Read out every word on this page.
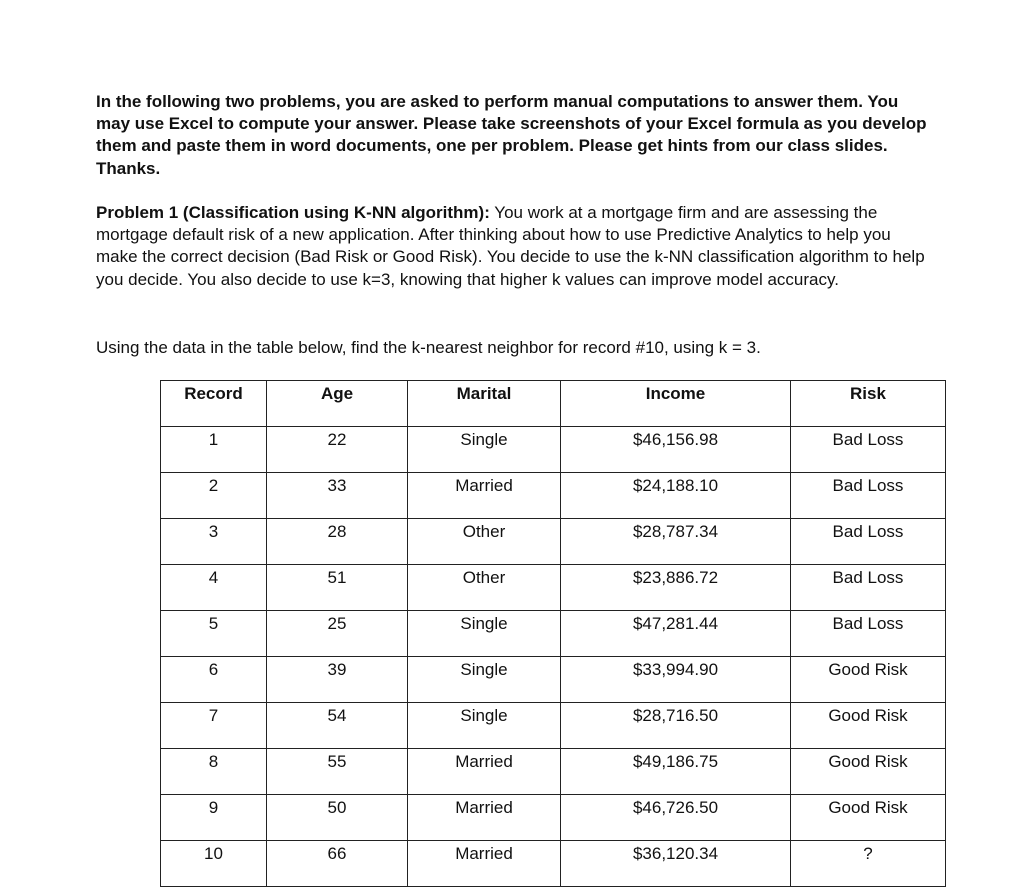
In the following two problems, you are asked to perform manual computations to answer them. You may use Excel to compute your answer. Please take screenshots of your Excel formula as you develop them and paste them in word documents, one per problem. Please get hints from our class slides. Thanks.
Problem 1 (Classification using K-NN algorithm): You work at a mortgage firm and are assessing the mortgage default risk of a new application. After thinking about how to use Predictive Analytics to help you make the correct decision (Bad Risk or Good Risk). You decide to use the k-NN classification algorithm to help you decide. You also decide to use k=3, knowing that higher k values can improve model accuracy.
Using the data in the table below, find the k-nearest neighbor for record #10, using k = 3.
Record	Age	Marital	Income	Risk
1	22	Single	$46,156.98	Bad Loss
2	33	Married	$24,188.10	Bad Loss
3	28	Other	$28,787.34	Bad Loss
4	51	Other	$23,886.72	Bad Loss
5	25	Single	$47,281.44	Bad Loss
6	39	Single	$33,994.90	Good Risk
7	54	Single	$28,716.50	Good Risk
8	55	Married	$49,186.75	Good Risk
9	50	Married	$46,726.50	Good Risk
10	66	Married	$36,120.34	?
